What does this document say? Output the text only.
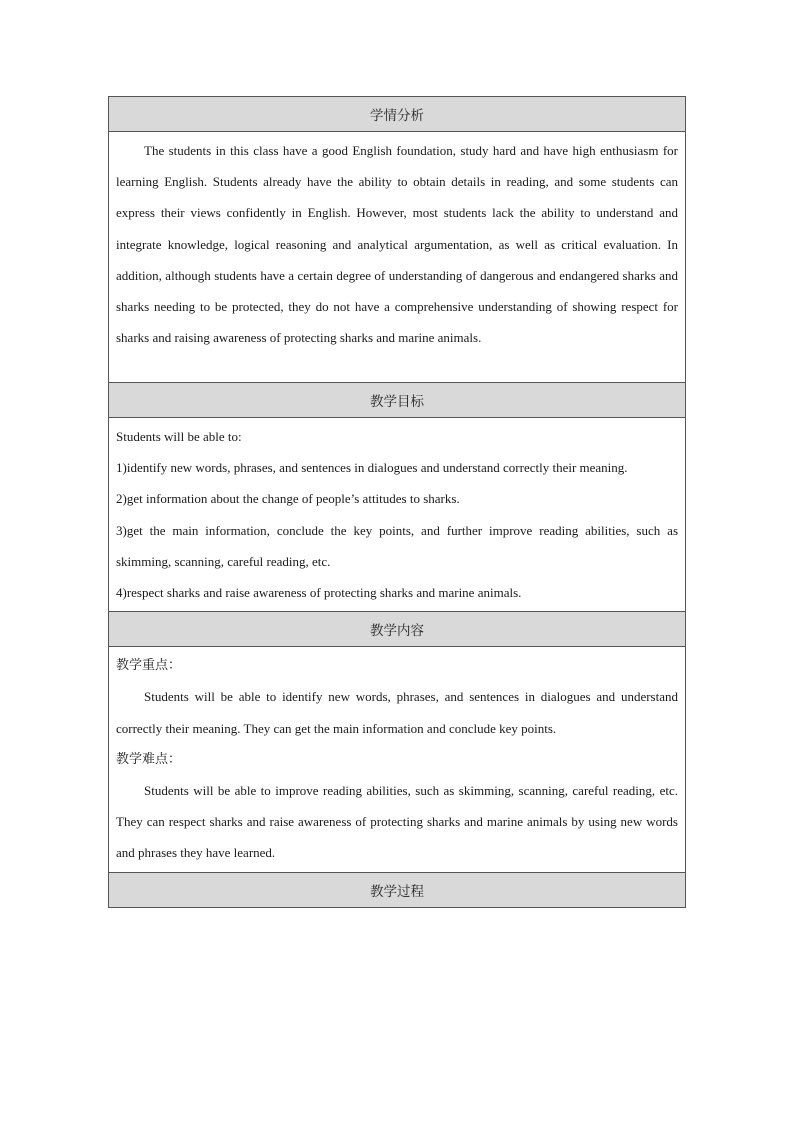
学情分析

The students in this class have a good English foundation, study hard and have high enthusiasm for learning English. Students already have the ability to obtain details in reading, and some students can express their views confidently in English. However, most students lack the ability to understand and integrate knowledge, logical reasoning and analytical argumentation, as well as critical evaluation. In addition, although students have a certain degree of understanding of dangerous and endangered sharks and sharks needing to be protected, they do not have a comprehensive understanding of showing respect for sharks and raising awareness of protecting sharks and marine animals.

教学目标

Students will be able to:

1)identify new words, phrases, and sentences in dialogues and understand correctly their meaning.

2)get information about the change of people’s attitudes to sharks.

3)get the main information, conclude the key points, and further improve reading abilities, such as skimming, scanning, careful reading, etc.

4)respect sharks and raise awareness of protecting sharks and marine animals.

教学内容

教学重点：

Students will be able to identify new words, phrases, and sentences in dialogues and understand correctly their meaning. They can get the main information and conclude key points.

教学难点：

Students will be able to improve reading abilities, such as skimming, scanning, careful reading, etc. They can respect sharks and raise awareness of protecting sharks and marine animals by using new words and phrases they have learned.

教学过程
